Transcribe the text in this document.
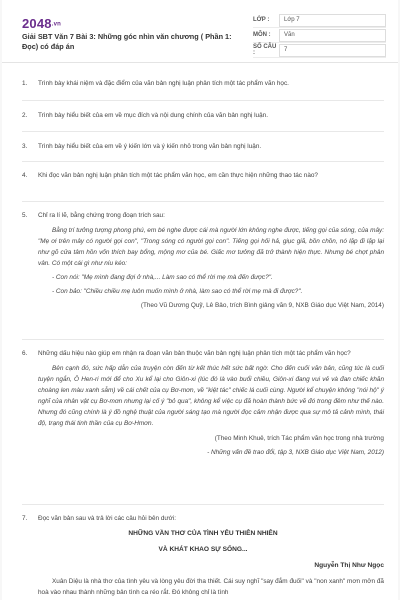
2048.vn
Giải SBT Văn 7 Bài 3: Những góc nhìn văn chương ( Phần 1: Đọc) có đáp án
LỚP :	Lớp 7
MÔN :	Văn
SỐ CÂU :
7
1. Trình bày khái niệm và đặc điểm của văn bản nghị luận phân tích một tác phẩm văn học.
2. Trình bày hiểu biết của em về mục đích và nội dung chính của văn bản nghị luận.
3. Trình bày hiểu biết của em về ý kiến lớn và ý kiến nhỏ trong văn bản nghị luận.
4. Khi đọc văn bản nghị luận phân tích một tác phẩm văn học, em cần thực hiện những thao tác nào?
5. Chỉ ra lí lẽ, bằng chứng trong đoạn trích sau:
Bằng trí tưởng tượng phong phú, em bé nghe được cái mà người lớn không nghe được, tiếng gọi của sóng, của mây: "Mẹ ơi trên mây có người gọi con", "Trong sóng có người gọi con". Tiếng gọi hối hả, giục giã, bồn chồn, nó lặp đi lặp lại như gõ cửa tâm hồn vốn thích bay bổng, mộng mơ của bé. Giấc mơ tưởng đã trở thành hiện thực. Nhưng bé chợt phân vân. Có một cái gì như níu kéo:
- Con nói: "Mẹ mình đang đợi ở nhà,... Làm sao có thể rời mẹ mà đến được?".
- Con bảo: "Chiều chiều mẹ luôn muốn mình ở nhà, làm sao có thể rời mẹ mà đi được?".
(Theo Vũ Dương Quỹ, Lê Bảo, trích Bình giảng văn 9, NXB Giáo dục Việt Nam, 2014)
6. Những dấu hiệu nào giúp em nhận ra đoạn văn bản thuộc văn bản nghị luận phân tích một tác phẩm văn học?
Bên cạnh đó, sức hấp dẫn của truyện còn đến từ kết thúc hết sức bất ngờ. Cho đến cuối văn bản, cũng túc là cuối tuyện ngắn, Ô Hen-ri mới để cho Xu kể lại cho Giôn-xi (lúc đó là vào buổi chiều, Giôn-xi đang vui vẻ và đan chiếc khăn choàng len màu xanh sẫm) về cái chết của cụ Bơ-mơn, về "kiệt tác" chiếc lá cuối cùng. Người kể chuyện không "nói hộ" ý nghĩ của nhân vật cụ Bơ-mơn nhưng lại cố ý "bỏ qua", không kể việc cụ đã hoàn thành bức vẽ đó trong đêm như thế nào. Nhưng đó cũng chính là ý đồ nghệ thuật của người sáng tạo mà người đọc cảm nhận được qua sự mô tả cảnh mình, thái độ, trạng thái tinh thần của cụ Bơ-Hmơn.
(Theo Minh Khuê, trích Tác phẩm văn học trong nhà trường
- Những vấn đề trao đổi, tập 3, NXB Giáo dục Việt Nam, 2012)
7. Đọc văn bản sau và trả lời các câu hỏi bên dưới:
NHỮNG VẦN THƠ CỦA TÌNH YÊU THIÊN NHIÊN
VÀ KHÁT KHAO SỰ SỐNG...
Nguyễn Thị Như Ngọc
Xuân Diệu là nhà thơ của tình yêu và lòng yêu đời tha thiết. Cái suy nghĩ "say đắm đuối" và "non xanh" mơn mởn đã hoà vào nhau thành những bản tình ca réo rắt. Đó không chỉ là tình
